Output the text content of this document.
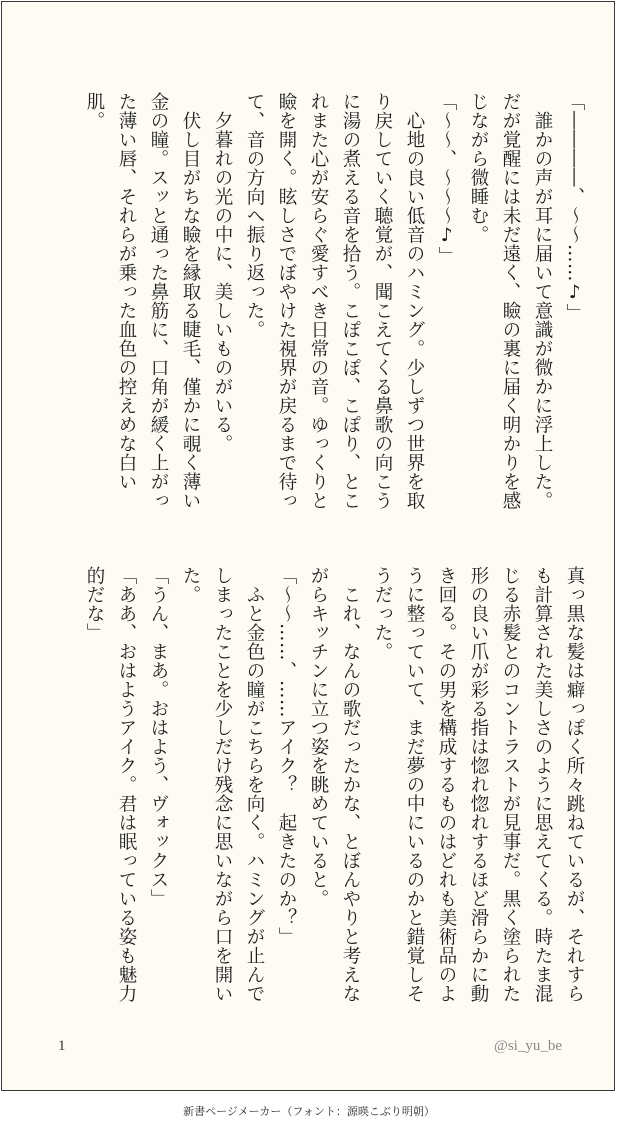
「――――、～～……♪」

　誰かの声が耳に届いて意識が微かに浮上した。だが覚醒には未だ遠く、瞼の裏に届く明かりを感じながら微睡む。

「～～、～～～♪」

　心地の良い低音のハミング。少しずつ世界を取り戻していく聴覚が、聞こえてくる鼻歌の向こうに湯の煮える音を拾う。こぽこぽ、こぽり、とこれまた心が安らぐ愛すべき日常の音。ゆっくりと瞼を開く。眩しさでぼやけた視界が戻るまで待って、音の方向へ振り返った。

　夕暮れの光の中に、美しいものがいる。

　伏し目がちな瞼を縁取る睫毛、僅かに覗く薄い金の瞳。スッと通った鼻筋に、口角が緩く上がった薄い唇、それらが乗った血色の控えめな白い肌。

真っ黒な髪は癖っぽく所々跳ねているが、それすらも計算された美しさのように思えてくる。時たま混じる赤髪とのコントラストが見事だ。黒く塗られた形の良い爪が彩る指は惚れ惚れするほど滑らかに動き回る。その男を構成するものはどれも美術品のように整っていて、まだ夢の中にいるのかと錯覚しそうだった。

　これ、なんの歌だったかな、とぼんやりと考えながらキッチンに立つ姿を眺めていると。

「～～……、……アイク？　起きたのか？」

　ふと金色の瞳がこちらを向く。ハミングが止んでしまったことを少しだけ残念に思いながら口を開いた。

「うん、まあ。おはよう、ヴォックス」

「ああ、おはようアイク。君は眠っている姿も魅力的だな」

1	@si_yu_be
新書ページメーカー（フォント：源暎こぶり明朝）
